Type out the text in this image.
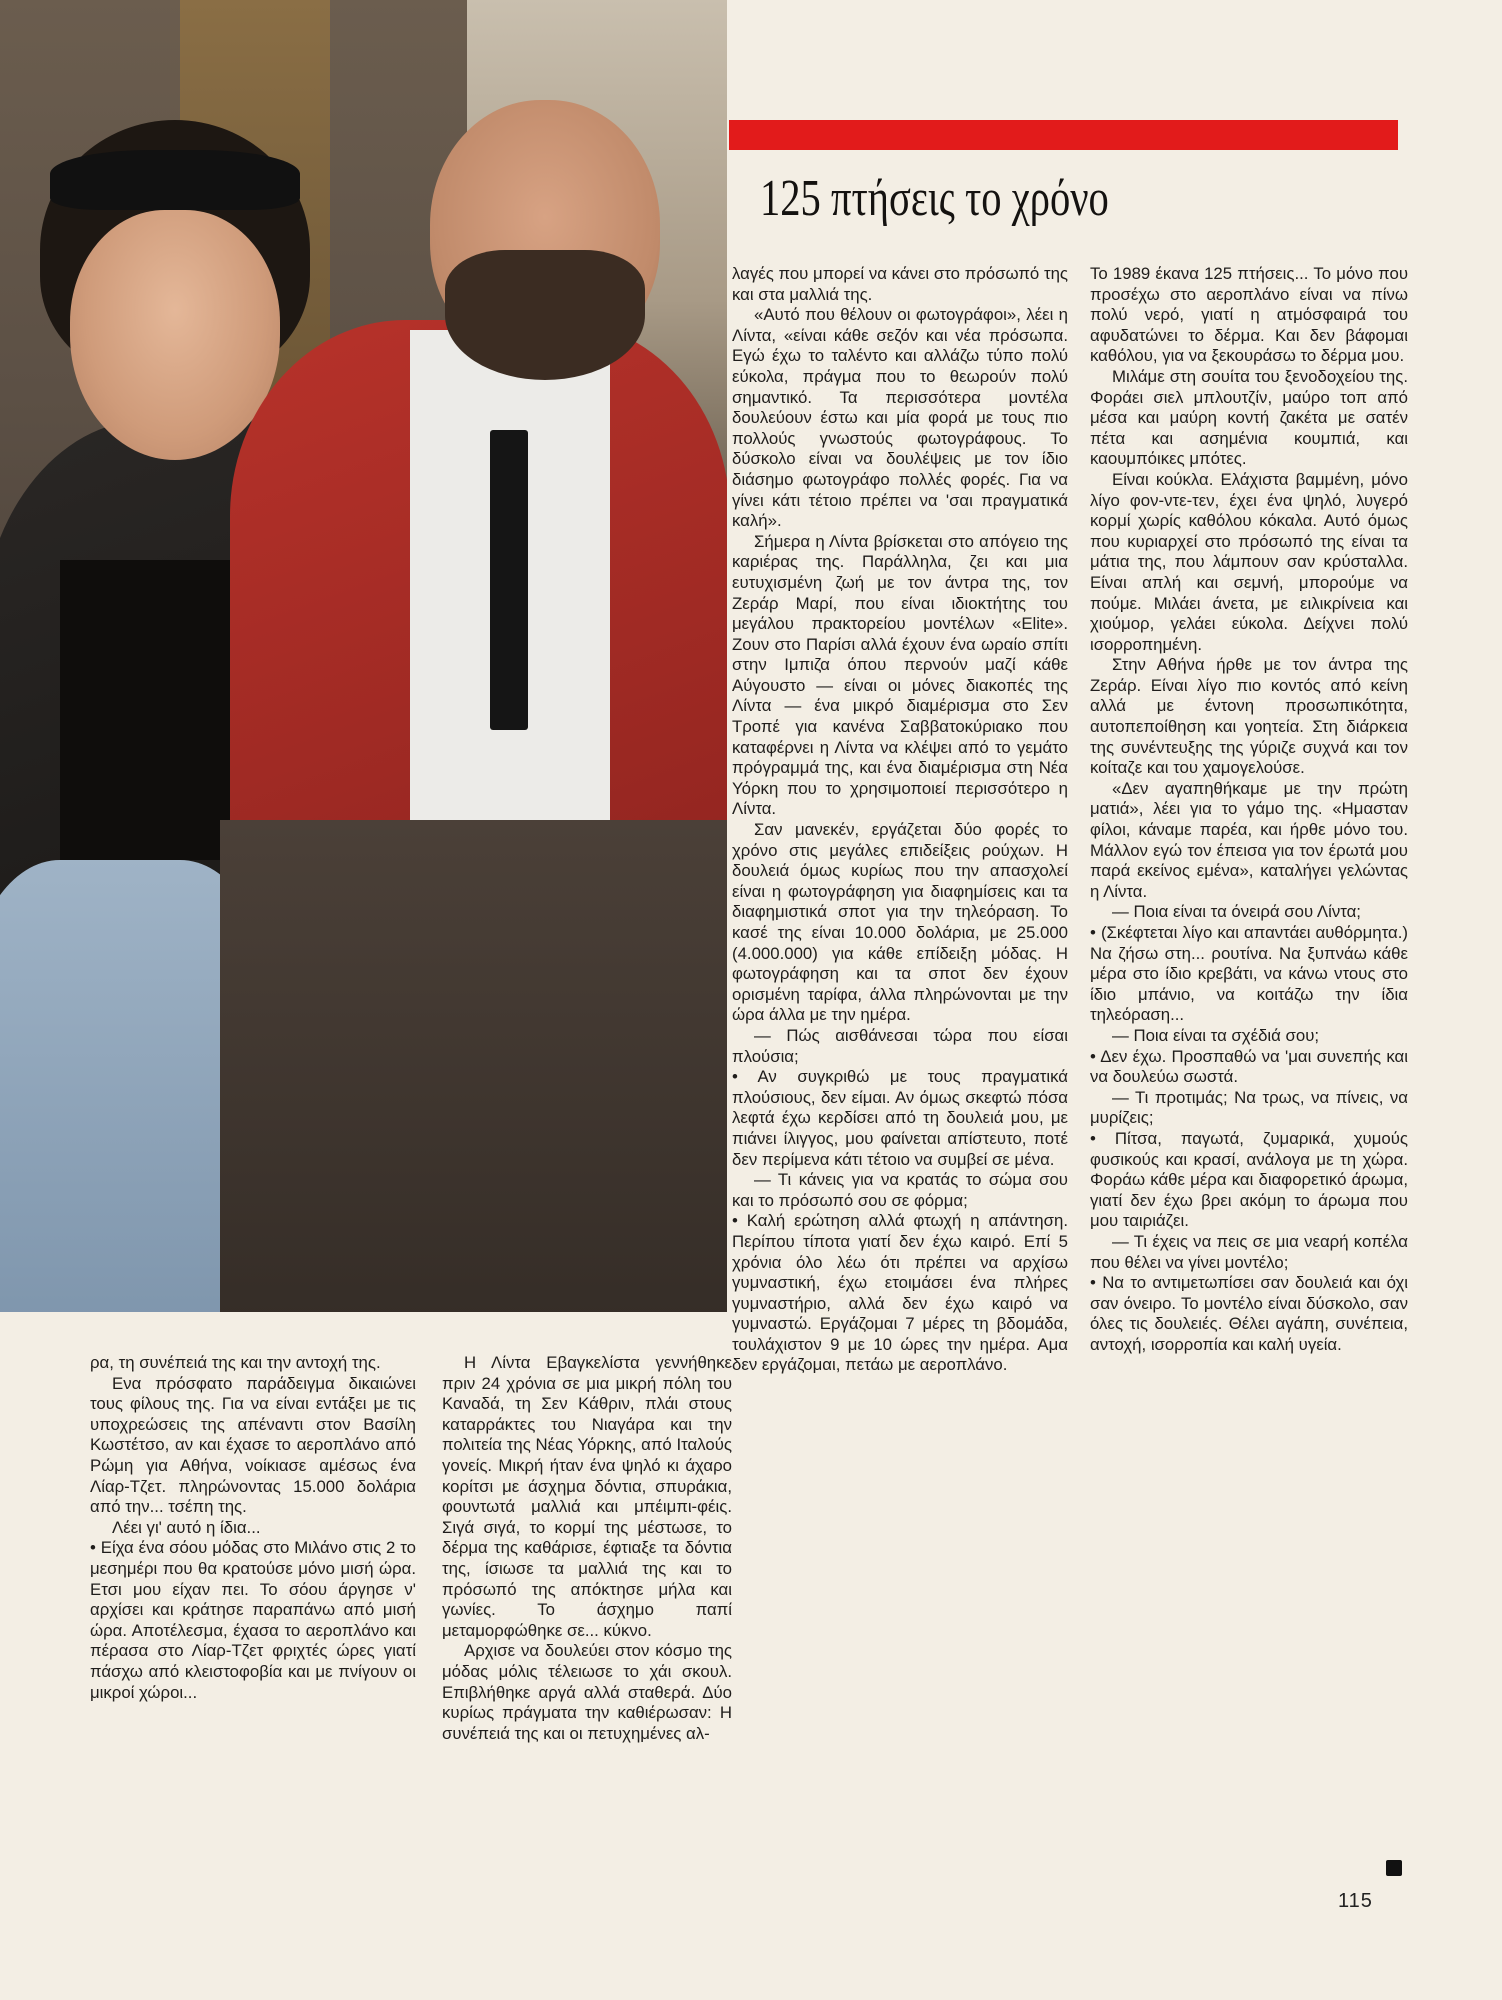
125 πτήσεις το χρόνο

λαγές που μπορεί να κάνει στο πρόσωπό της και στα μαλλιά της.

«Αυτό που θέλουν οι φωτογράφοι», λέει η Λίντα, «είναι κάθε σεζόν και νέα πρόσωπα. Εγώ έχω το ταλέντο και αλλάζω τύπο πολύ εύκολα, πράγμα που το θεωρούν πολύ σημαντικό. Τα περισσότερα μοντέλα δουλεύουν έστω και μία φορά με τους πιο πολλούς γνωστούς φωτογράφους. Το δύσκολο είναι να δουλέψεις με τον ίδιο διάσημο φωτογράφο πολλές φορές. Για να γίνει κάτι τέτοιο πρέπει να 'σαι πραγματικά καλή».

Σήμερα η Λίντα βρίσκεται στο απόγειο της καριέρας της. Παράλληλα, ζει και μια ευτυχισμένη ζωή με τον άντρα της, τον Ζεράρ Μαρί, που είναι ιδιοκτήτης του μεγάλου πρακτορείου μοντέλων «Elite». Ζουν στο Παρίσι αλλά έχουν ένα ωραίο σπίτι στην Ιμπιζα όπου περνούν μαζί κάθε Αύγουστο — είναι οι μόνες διακοπές της Λίντα — ένα μικρό διαμέρισμα στο Σεν Τροπέ για κανένα Σαββατοκύριακο που καταφέρνει η Λίντα να κλέψει από το γεμάτο πρόγραμμά της, και ένα διαμέρισμα στη Νέα Υόρκη που το χρησιμοποιεί περισσότερο η Λίντα.

Σαν μανεκέν, εργάζεται δύο φορές το χρόνο στις μεγάλες επιδείξεις ρούχων. Η δουλειά όμως κυρίως που την απασχολεί είναι η φωτογράφηση για διαφημίσεις και τα διαφημιστικά σποτ για την τηλεόραση. Το κασέ της είναι 10.000 δολάρια, με 25.000 (4.000.000) για κάθε επίδειξη μόδας. Η φωτογράφηση και τα σποτ δεν έχουν ορισμένη ταρίφα, άλλα πληρώνονται με την ώρα άλλα με την ημέρα.

— Πώς αισθάνεσαι τώρα που είσαι πλούσια;

• Αν συγκριθώ με τους πραγματικά πλούσιους, δεν είμαι. Αν όμως σκεφτώ πόσα λεφτά έχω κερδίσει από τη δουλειά μου, με πιάνει ίλιγγος, μου φαίνεται απίστευτο, ποτέ δεν περίμενα κάτι τέτοιο να συμβεί σε μένα.

— Τι κάνεις για να κρατάς το σώμα σου και το πρόσωπό σου σε φόρμα;

• Καλή ερώτηση αλλά φτωχή η απάντηση. Περίπου τίποτα γιατί δεν έχω καιρό. Επί 5 χρόνια όλο λέω ότι πρέπει να αρχίσω γυμναστική, έχω ετοιμάσει ένα πλήρες γυμναστήριο, αλλά δεν έχω καιρό να γυμναστώ. Εργάζομαι 7 μέρες τη βδομάδα, τουλάχιστον 9 με 10 ώρες την ημέρα. Αμα δεν εργάζομαι, πετάω με αεροπλάνο.

Το 1989 έκανα 125 πτήσεις... Το μόνο που προσέχω στο αεροπλάνο είναι να πίνω πολύ νερό, γιατί η ατμόσφαιρά του αφυδατώνει το δέρμα. Και δεν βάφομαι καθόλου, για να ξεκουράσω το δέρμα μου.

Μιλάμε στη σουίτα του ξενοδοχείου της. Φοράει σιελ μπλουτζίν, μαύρο τοπ από μέσα και μαύρη κοντή ζακέτα με σατέν πέτα και ασημένια κουμπιά, και καουμπόικες μπότες.

Είναι κούκλα. Ελάχιστα βαμμένη, μόνο λίγο φον-ντε-τεν, έχει ένα ψηλό, λυγερό κορμί χωρίς καθόλου κόκαλα. Αυτό όμως που κυριαρχεί στο πρόσωπό της είναι τα μάτια της, που λάμπουν σαν κρύσταλλα. Είναι απλή και σεμνή, μπορούμε να πούμε. Μιλάει άνετα, με ειλικρίνεια και χιούμορ, γελάει εύκολα. Δείχνει πολύ ισορροπημένη.

Στην Αθήνα ήρθε με τον άντρα της Ζεράρ. Είναι λίγο πιο κοντός από κείνη αλλά με έντονη προσωπικότητα, αυτοπεποίθηση και γοητεία. Στη διάρκεια της συνέντευξης της γύριζε συχνά και τον κοίταζε και του χαμογελούσε.

«Δεν αγαπηθήκαμε με την πρώτη ματιά», λέει για το γάμο της. «Ημασταν φίλοι, κάναμε παρέα, και ήρθε μόνο του. Μάλλον εγώ τον έπεισα για τον έρωτά μου παρά εκείνος εμένα», καταλήγει γελώντας η Λίντα.

— Ποια είναι τα όνειρά σου Λίντα;

• (Σκέφτεται λίγο και απαντάει αυθόρμητα.) Να ζήσω στη... ρουτίνα. Να ξυπνάω κάθε μέρα στο ίδιο κρεβάτι, να κάνω ντους στο ίδιο μπάνιο, να κοιτάζω την ίδια τηλεόραση...

— Ποια είναι τα σχέδιά σου;

• Δεν έχω. Προσπαθώ να 'μαι συνεπής και να δουλεύω σωστά.

— Τι προτιμάς; Να τρως, να πίνεις, να μυρίζεις;

• Πίτσα, παγωτά, ζυμαρικά, χυμούς φυσικούς και κρασί, ανάλογα με τη χώρα. Φοράω κάθε μέρα και διαφορετικό άρωμα, γιατί δεν έχω βρει ακόμη το άρωμα που μου ταιριάζει.

— Τι έχεις να πεις σε μια νεαρή κοπέλα που θέλει να γίνει μοντέλο;

• Να το αντιμετωπίσει σαν δουλειά και όχι σαν όνειρο. Το μοντέλο είναι δύσκολο, σαν όλες τις δουλειές. Θέλει αγάπη, συνέπεια, αντοχή, ισορροπία και καλή υγεία.

ρα, τη συνέπειά της και την αντοχή της.

Ενα πρόσφατο παράδειγμα δικαιώνει τους φίλους της. Για να είναι εντάξει με τις υποχρεώσεις της απέναντι στον Βασίλη Κωστέτσο, αν και έχασε το αεροπλάνο από Ρώμη για Αθήνα, νοίκιασε αμέσως ένα Λίαρ-Τζετ. πληρώνοντας 15.000 δολάρια από την... τσέπη της.

Λέει γι' αυτό η ίδια...

• Είχα ένα σόου μόδας στο Μιλάνο στις 2 το μεσημέρι που θα κρατούσε μόνο μισή ώρα. Ετσι μου είχαν πει. Το σόου άργησε ν' αρχίσει και κράτησε παραπάνω από μισή ώρα. Αποτέλεσμα, έχασα το αεροπλάνο και πέρασα στο Λίαρ-Τζετ φριχτές ώρες γιατί πάσχω από κλειστοφοβία και με πνίγουν οι μικροί χώροι...

Η Λίντα Εβαγκελίστα γεννήθηκε πριν 24 χρόνια σε μια μικρή πόλη του Καναδά, τη Σεν Κάθριν, πλάι στους καταρράκτες του Νιαγάρα και την πολιτεία της Νέας Υόρκης, από Ιταλούς γονείς. Μικρή ήταν ένα ψηλό κι άχαρο κορίτσι με άσχημα δόντια, σπυράκια, φουντωτά μαλλιά και μπέιμπι-φέις. Σιγά σιγά, το κορμί της μέστωσε, το δέρμα της καθάρισε, έφτιαξε τα δόντια της, ίσιωσε τα μαλλιά της και το πρόσωπό της απόκτησε μήλα και γωνίες. Το άσχημο παπί μεταμορφώθηκε σε... κύκνο.

Αρχισε να δουλεύει στον κόσμο της μόδας μόλις τέλειωσε το χάι σκουλ. Επιβλήθηκε αργά αλλά σταθερά. Δύο κυρίως πράγματα την καθιέρωσαν: Η συνέπειά της και οι πετυχημένες αλ-

115
